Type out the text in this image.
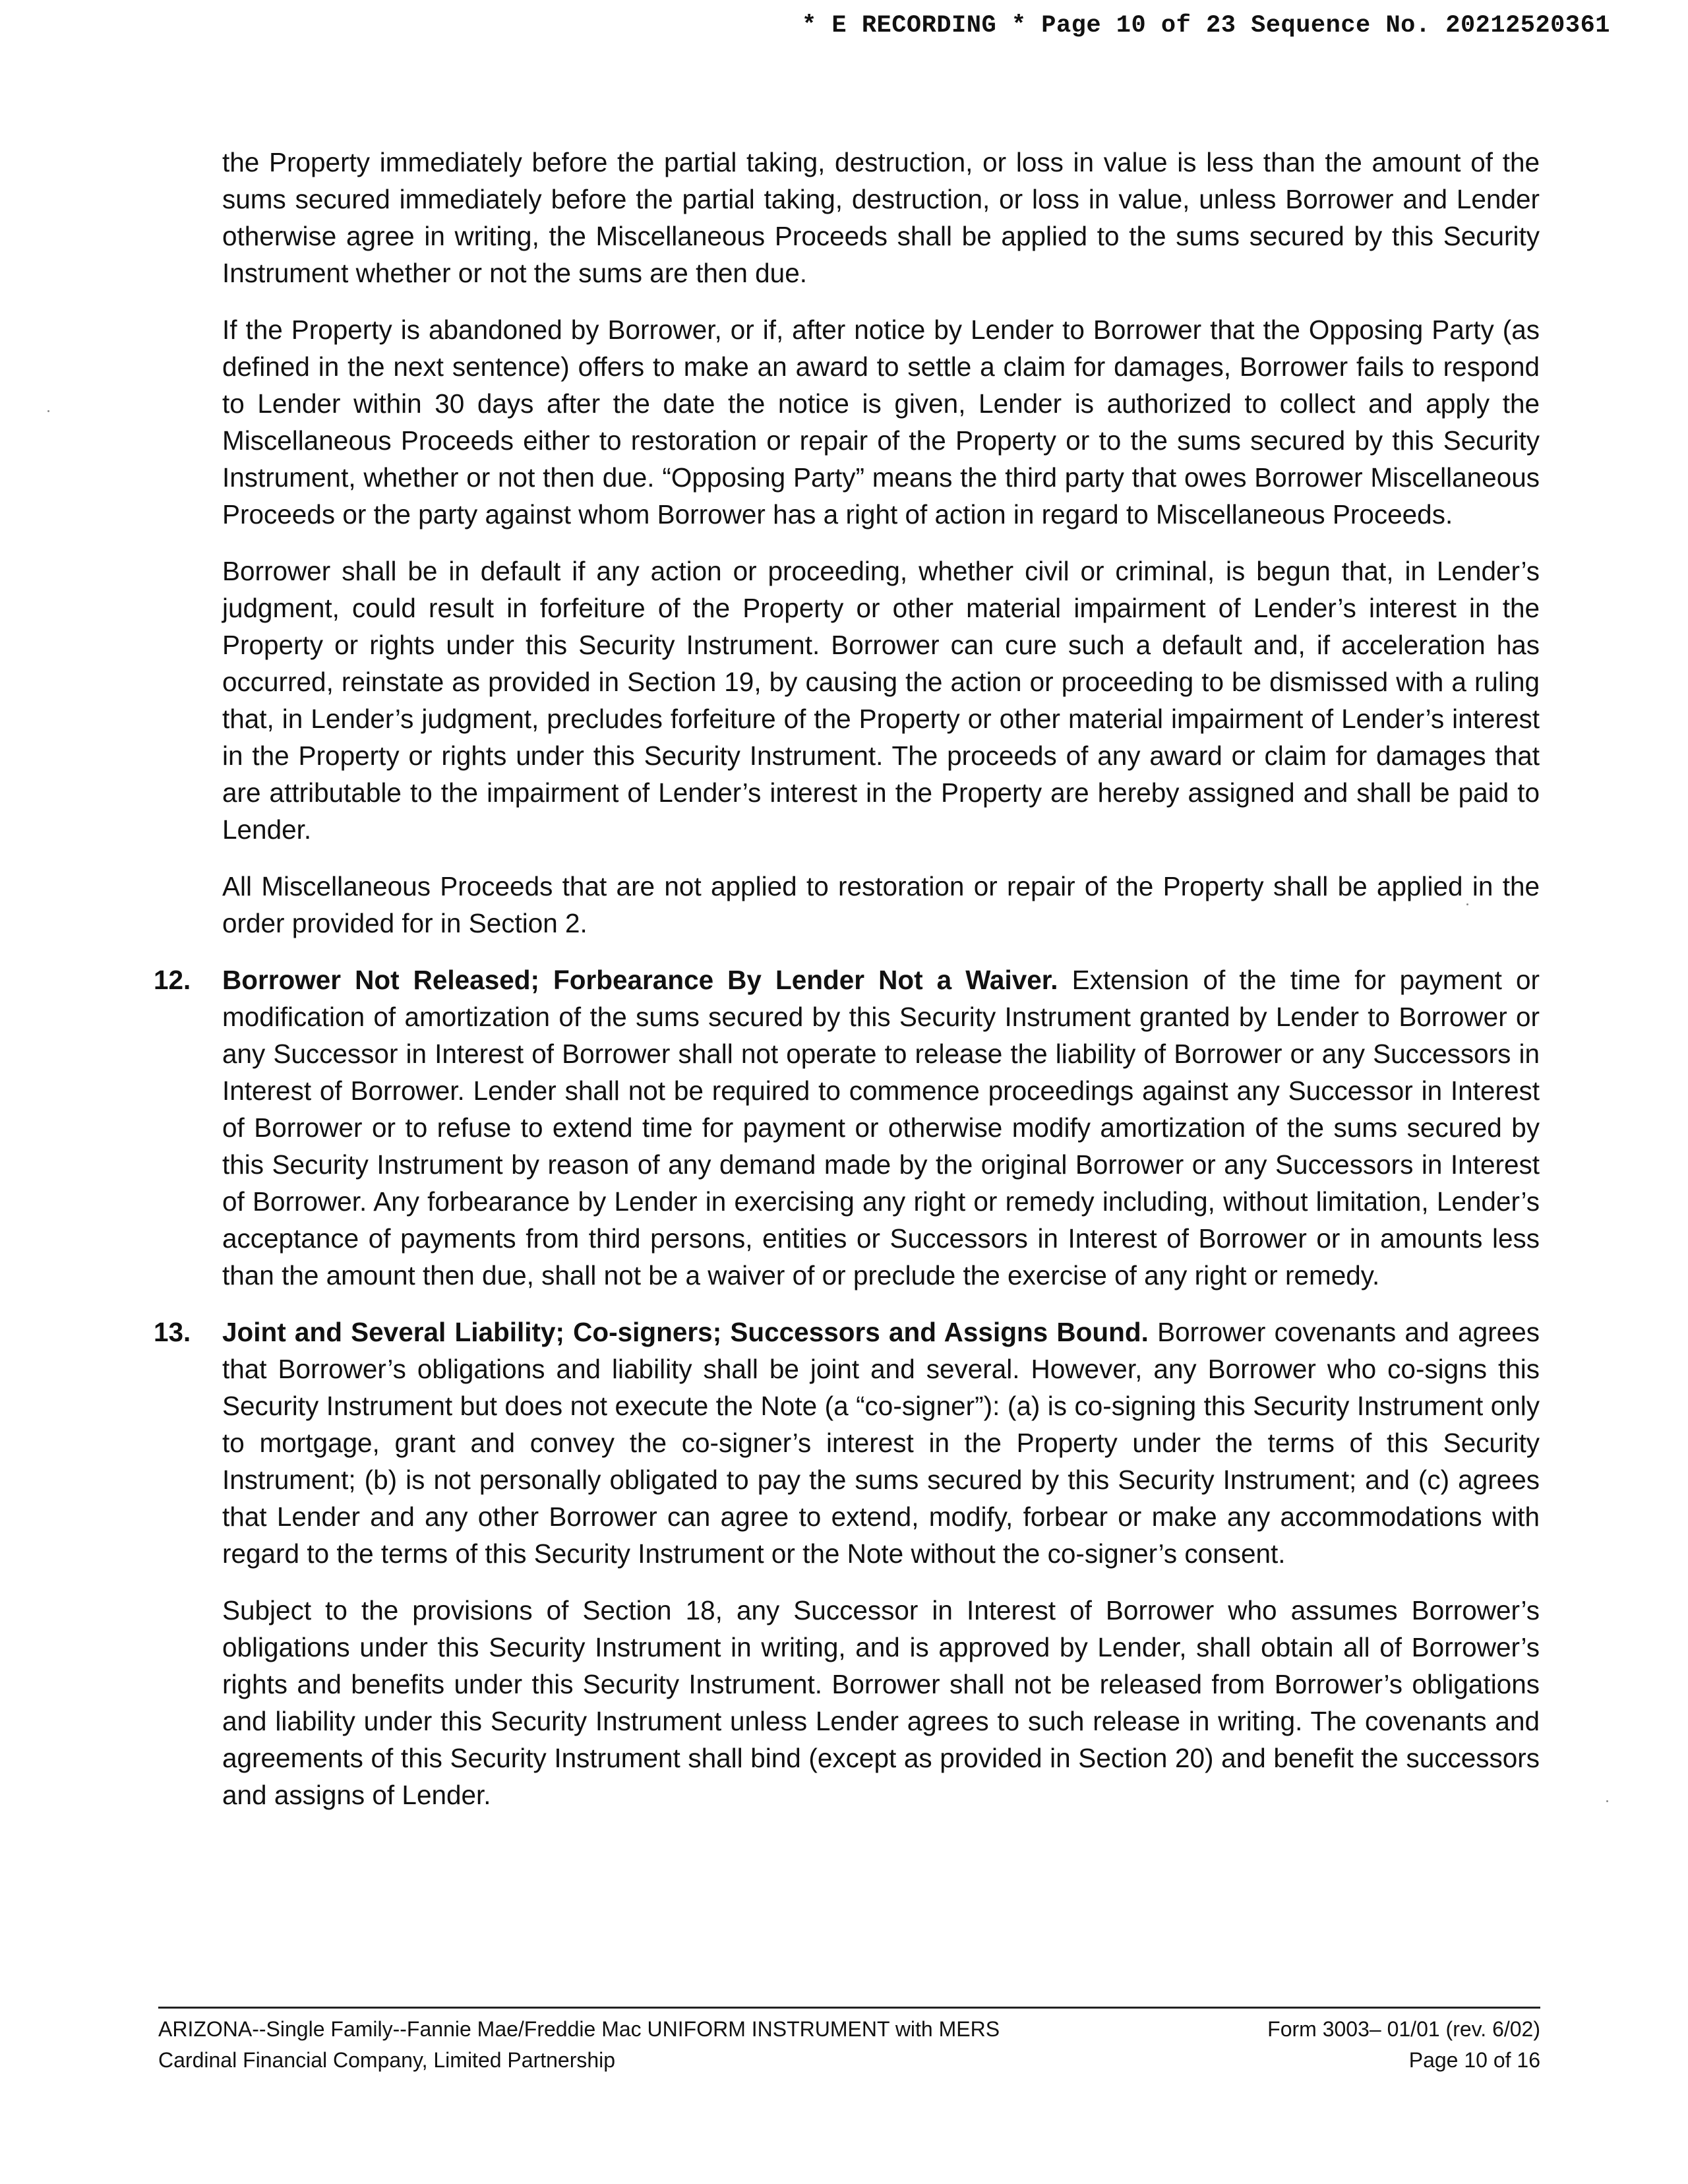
* E RECORDING * Page 10 of 23 Sequence No. 20212520361

the Property immediately before the partial taking, destruction, or loss in value is less than the amount of the sums secured immediately before the partial taking, destruction, or loss in value, unless Borrower and Lender otherwise agree in writing, the Miscellaneous Proceeds shall be applied to the sums secured by this Security Instrument whether or not the sums are then due.

If the Property is abandoned by Borrower, or if, after notice by Lender to Borrower that the Opposing Party (as defined in the next sentence) offers to make an award to settle a claim for damages, Borrower fails to respond to Lender within 30 days after the date the notice is given, Lender is authorized to collect and apply the Miscellaneous Proceeds either to restoration or repair of the Property or to the sums secured by this Security Instrument, whether or not then due. “Opposing Party” means the third party that owes Borrower Miscellaneous Proceeds or the party against whom Borrower has a right of action in regard to Miscellaneous Proceeds.

Borrower shall be in default if any action or proceeding, whether civil or criminal, is begun that, in Lender’s judgment, could result in forfeiture of the Property or other material impairment of Lender’s interest in the Property or rights under this Security Instrument. Borrower can cure such a default and, if acceleration has occurred, reinstate as provided in Section 19, by causing the action or proceeding to be dismissed with a ruling that, in Lender’s judgment, precludes forfeiture of the Property or other material impairment of Lender’s interest in the Property or rights under this Security Instrument. The proceeds of any award or claim for damages that are attributable to the impairment of Lender’s interest in the Property are hereby assigned and shall be paid to Lender.

All Miscellaneous Proceeds that are not applied to restoration or repair of the Property shall be applied in the order provided for in Section 2.

12. Borrower Not Released; Forbearance By Lender Not a Waiver. Extension of the time for payment or modification of amortization of the sums secured by this Security Instrument granted by Lender to Borrower or any Successor in Interest of Borrower shall not operate to release the liability of Borrower or any Successors in Interest of Borrower. Lender shall not be required to commence proceedings against any Successor in Interest of Borrower or to refuse to extend time for payment or otherwise modify amortization of the sums secured by this Security Instrument by reason of any demand made by the original Borrower or any Successors in Interest of Borrower. Any forbearance by Lender in exercising any right or remedy including, without limitation, Lender’s acceptance of payments from third persons, entities or Successors in Interest of Borrower or in amounts less than the amount then due, shall not be a waiver of or preclude the exercise of any right or remedy.
13. Joint and Several Liability; Co-signers; Successors and Assigns Bound. Borrower covenants and agrees that Borrower’s obligations and liability shall be joint and several. However, any Borrower who co-signs this Security Instrument but does not execute the Note (a “co-signer”): (a) is co-signing this Security Instrument only to mortgage, grant and convey the co-signer’s interest in the Property under the terms of this Security Instrument; (b) is not personally obligated to pay the sums secured by this Security Instrument; and (c) agrees that Lender and any other Borrower can agree to extend, modify, forbear or make any accommodations with regard to the terms of this Security Instrument or the Note without the co-signer’s consent.

Subject to the provisions of Section 18, any Successor in Interest of Borrower who assumes Borrower’s obligations under this Security Instrument in writing, and is approved by Lender, shall obtain all of Borrower’s rights and benefits under this Security Instrument. Borrower shall not be released from Borrower’s obligations and liability under this Security Instrument unless Lender agrees to such release in writing. The covenants and agreements of this Security Instrument shall bind (except as provided in Section 20) and benefit the successors and assigns of Lender.

ARIZONA--Single Family--Fannie Mae/Freddie Mac UNIFORM INSTRUMENT with MERS	Form 3003– 01/01 (rev. 6/02)
Cardinal Financial Company, Limited Partnership	Page 10 of 16
